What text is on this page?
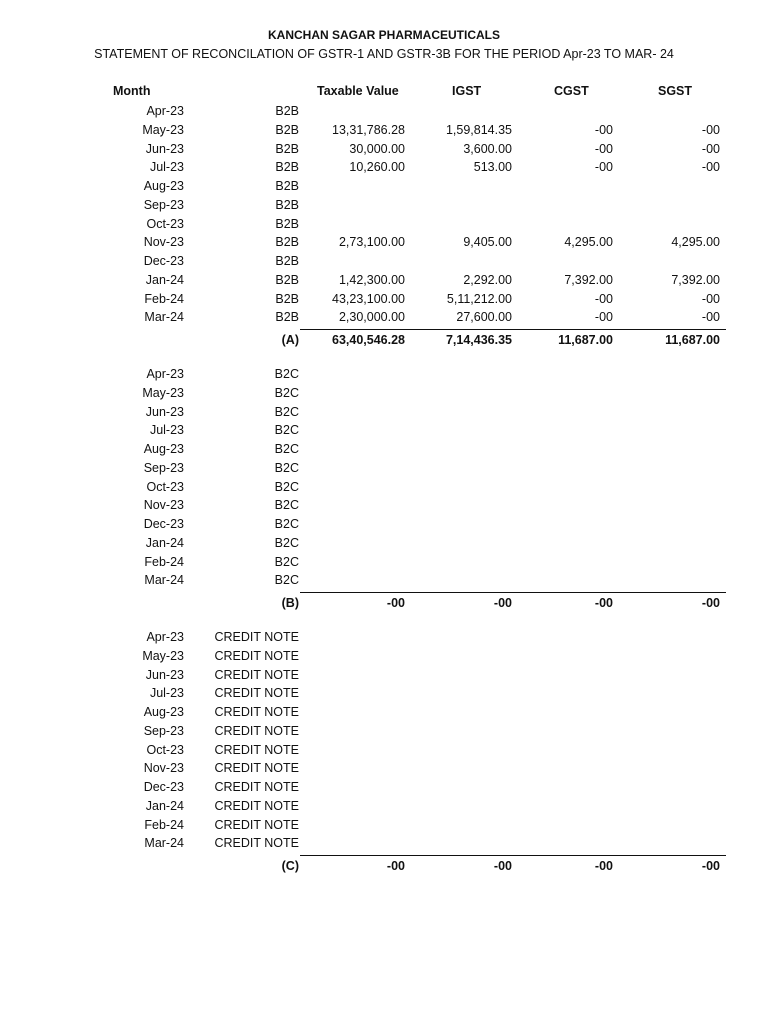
KANCHAN SAGAR PHARMACEUTICALS
STATEMENT OF RECONCILATION OF GSTR-1 AND GSTR-3B FOR THE PERIOD Apr-23 TO MAR- 24
Month	Taxable Value	IGST	CGST	SGST
Apr-23	B2B
May-23	B2B	13,31,786.28	1,59,814.35	-00	-00
Jun-23	B2B	30,000.00	3,600.00	-00	-00
Jul-23	B2B	10,260.00	513.00	-00	-00
Aug-23	B2B
Sep-23	B2B
Oct-23	B2B
Nov-23	B2B	2,73,100.00	9,405.00	4,295.00	4,295.00
Dec-23	B2B
Jan-24	B2B	1,42,300.00	2,292.00	7,392.00	7,392.00
Feb-24	B2B	43,23,100.00	5,11,212.00	-00	-00
Mar-24	B2B	2,30,000.00	27,600.00	-00	-00
(A)	63,40,546.28	7,14,436.35	11,687.00	11,687.00
Apr-23	B2C
May-23	B2C
Jun-23	B2C
Jul-23	B2C
Aug-23	B2C
Sep-23	B2C
Oct-23	B2C
Nov-23	B2C
Dec-23	B2C
Jan-24	B2C
Feb-24	B2C
Mar-24	B2C
(B)	-00	-00	-00	-00
Apr-23 CREDIT NOTE
May-23 CREDIT NOTE
Jun-23 CREDIT NOTE
Jul-23 CREDIT NOTE
Aug-23 CREDIT NOTE
Sep-23 CREDIT NOTE
Oct-23 CREDIT NOTE
Nov-23 CREDIT NOTE
Dec-23 CREDIT NOTE
Jan-24 CREDIT NOTE
Feb-24 CREDIT NOTE
Mar-24 CREDIT NOTE
(C)	-00	-00	-00	-00
